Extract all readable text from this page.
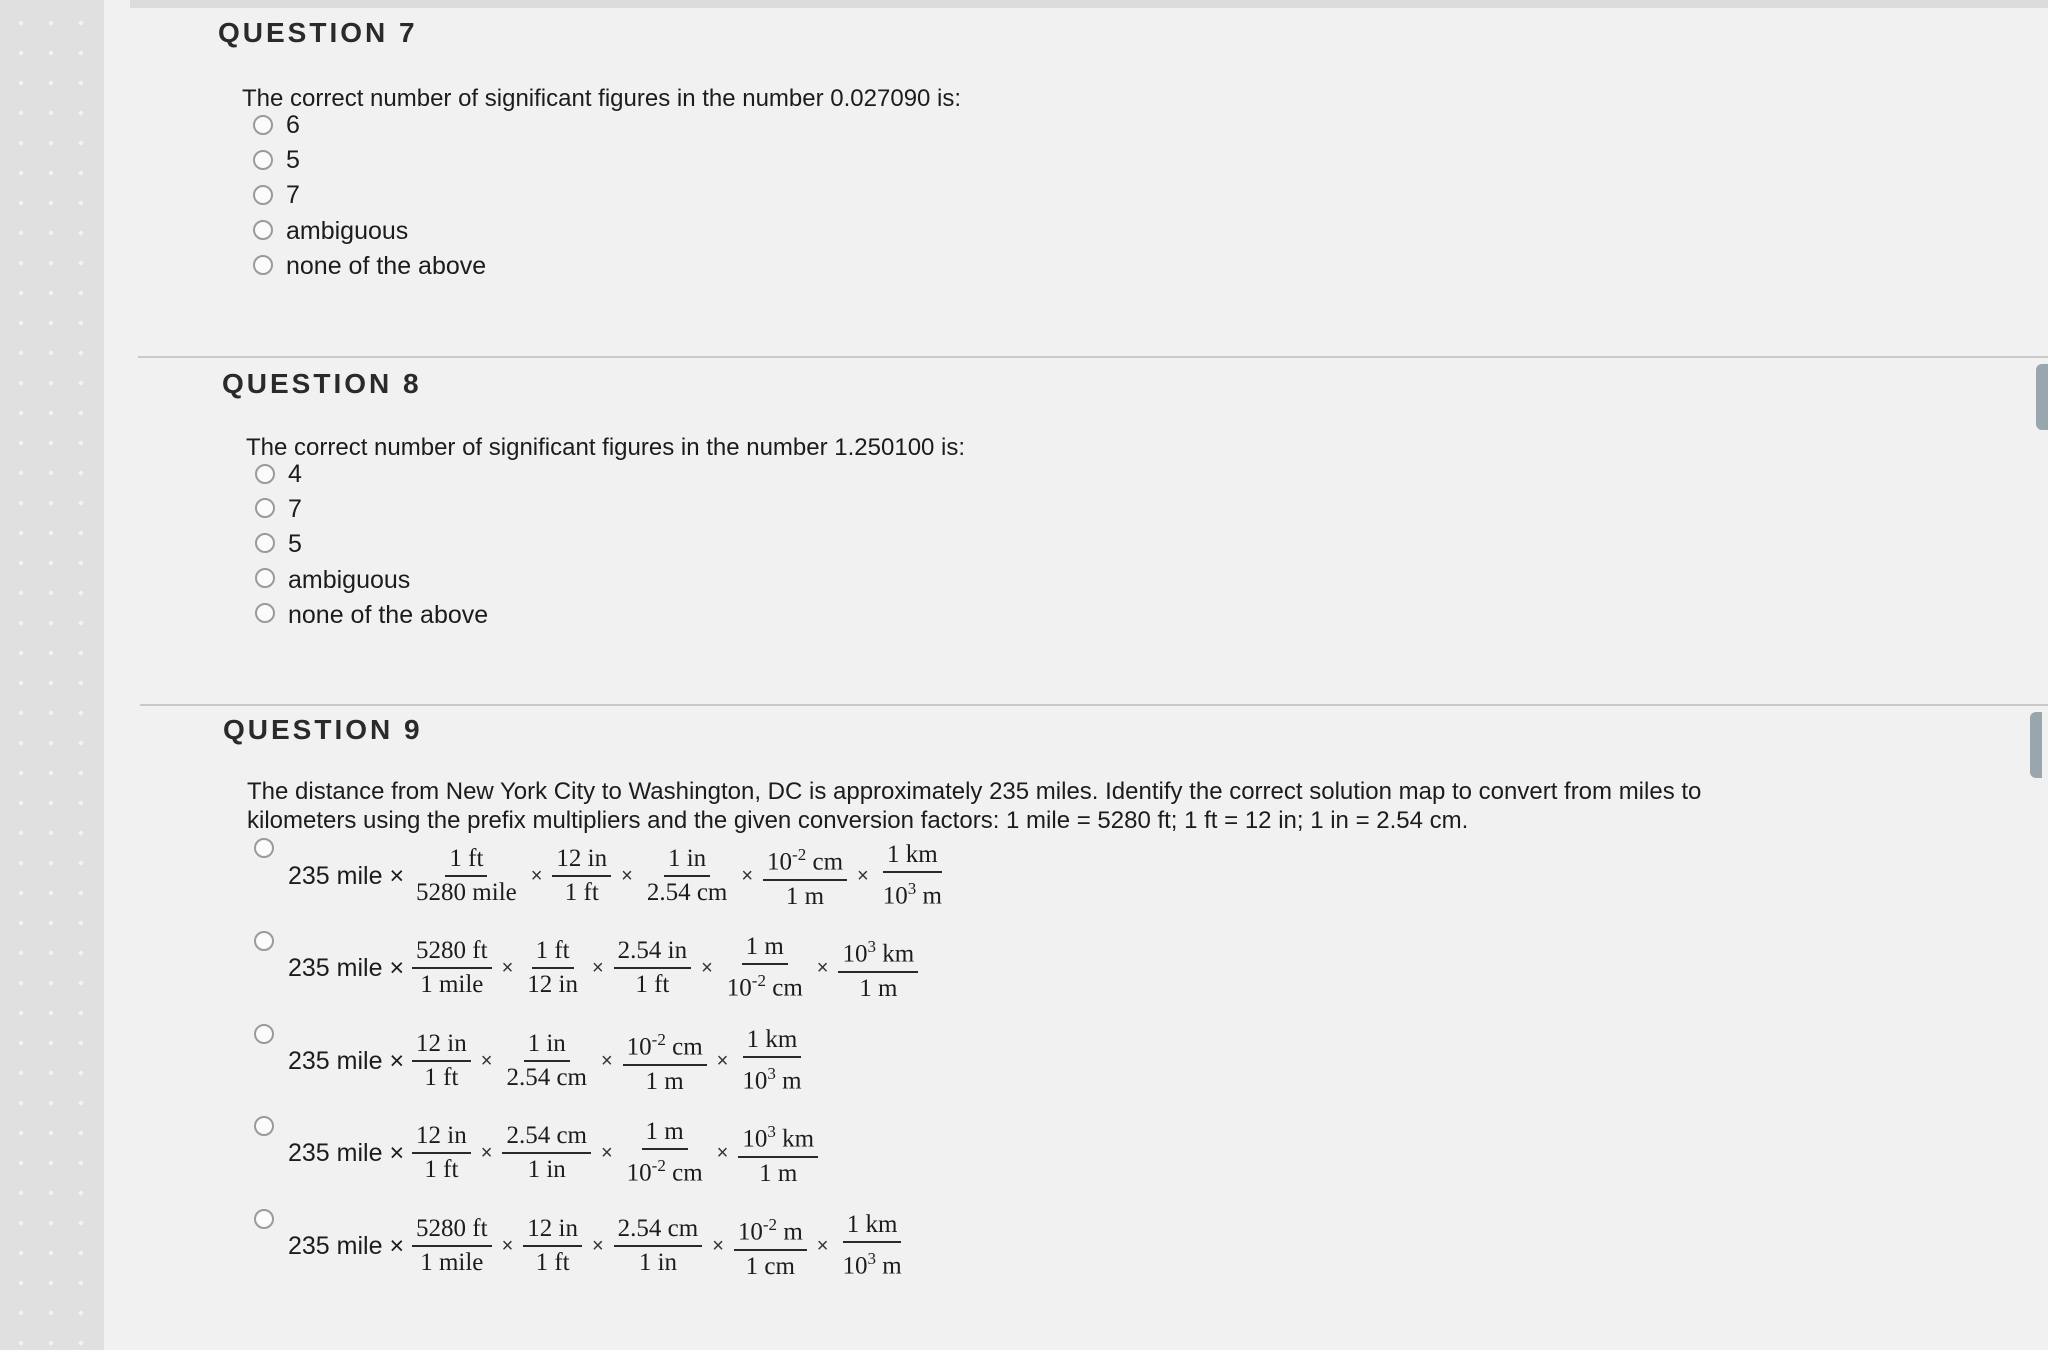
QUESTION 7
The correct number of significant figures in the number 0.027090 is:
6
5
7
ambiguous
none of the above
QUESTION 8
The correct number of significant figures in the number 1.250100 is:
4
7
5
ambiguous
none of the above
QUESTION 9
The distance from New York City to Washington, DC is approximately 235 miles. Identify the correct solution map to convert from miles to
kilometers using the prefix multipliers and the given conversion factors: 1 mile = 5280 ft; 1 ft = 12 in; 1 in = 2.54 cm.
235 mile × $\frac{1 ft}{\text{5280 mile}} \times \frac{12 in}{1 ft} \times \frac{1 in}{2.54 cm} \times \frac{10^{-2} cm}{1 m} \times \frac{1 km}{10^3 m}$
235 mile × $\frac{5280 ft}{\text{1 mile}} \times \frac{1 ft}{12 in} \times \frac{2.54 in}{1 ft} \times \frac{1 m}{10^{-2} cm} \times \frac{10^3 km}{1 m}$
235 mile × $\frac{12 in}{1 ft} \times \frac{1 in}{2.54 cm} \times \frac{10^{-2} cm}{1 m} \times \frac{1 km}{10^3 m}$
235 mile × $\frac{12 in}{1 ft} \times \frac{2.54 cm}{1 in} \times \frac{1 m}{10^{-2} cm} \times \frac{10^3 km}{1 m}$
235 mile × $\frac{5280 ft}{\text{1 mile}} \times \frac{12 in}{1 ft} \times \frac{2.54 cm}{1 in} \times \frac{10^{-2} m}{1 cm} \times \frac{1 km}{10^3 m}$
